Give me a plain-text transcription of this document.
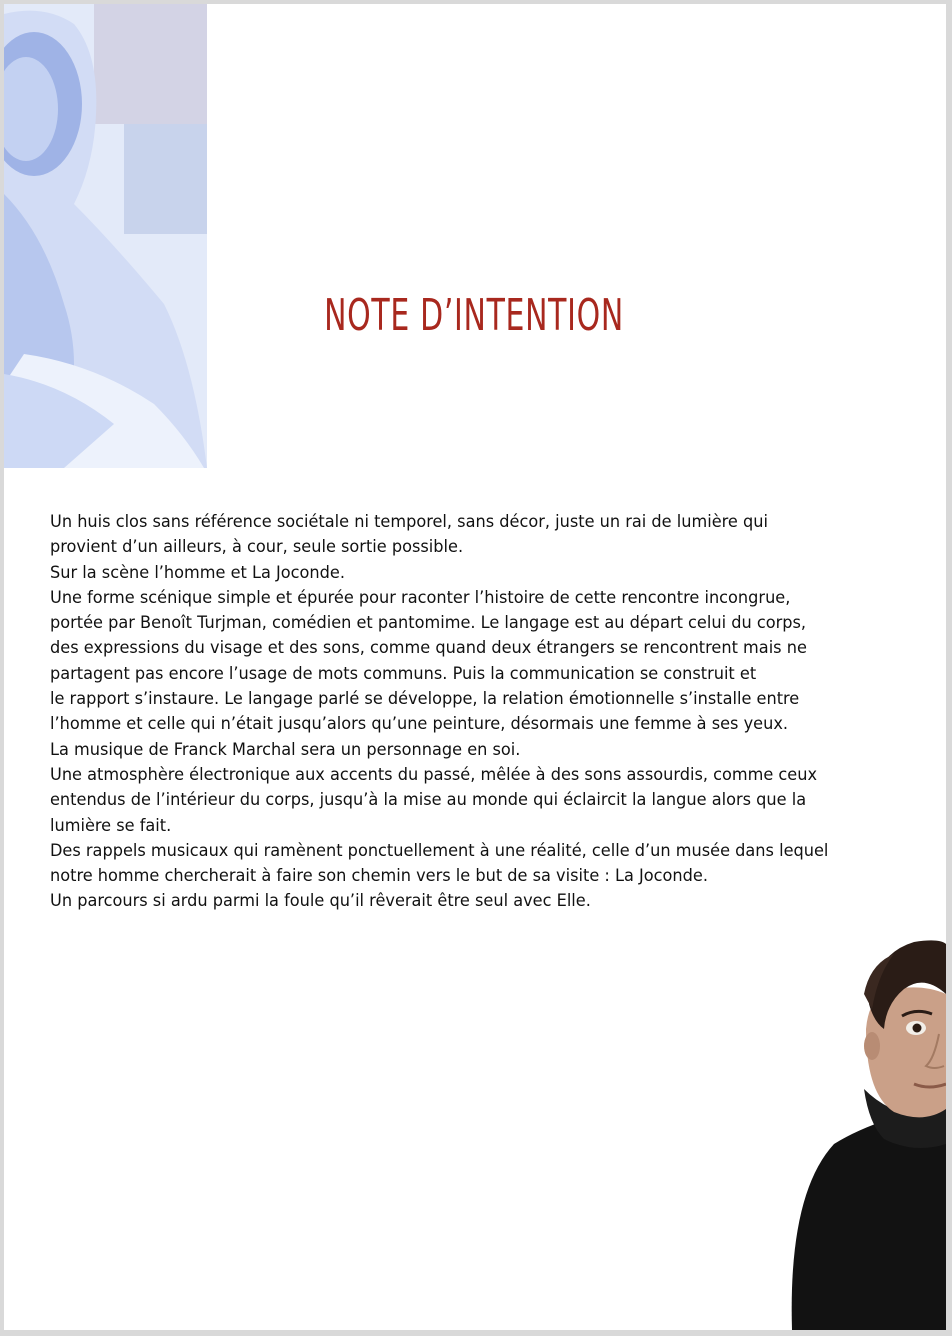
NOTE D’INTENTION

Un huis clos sans référence sociétale ni temporel, sans décor, juste un rai de lumière qui

provient d’un ailleurs, à cour, seule sortie possible.

Sur la scène l’homme et La Joconde.

Une forme scénique simple et épurée pour raconter l’histoire de cette rencontre incongrue,

portée par Benoît Turjman, comédien et pantomime. Le langage est au départ celui du corps,

des expressions du visage et des sons, comme quand deux étrangers se rencontrent mais ne

partagent pas encore l’usage de mots communs. Puis la communication se construit et

le rapport s’instaure. Le langage parlé se développe, la relation émotionnelle s’installe entre

l’homme et celle qui n’était jusqu’alors qu’une peinture, désormais une femme à ses yeux.

La musique de Franck Marchal sera un personnage en soi.

Une atmosphère électronique aux accents du passé, mêlée à des sons assourdis, comme ceux

entendus de l’intérieur du corps, jusqu’à la mise au monde qui éclaircit la langue alors que la

lumière se fait.

Des rappels musicaux qui ramènent ponctuellement à une réalité, celle d’un musée dans lequel

notre homme chercherait à faire son chemin vers le but de sa visite : La Joconde.

Un parcours si ardu parmi la foule qu’il rêverait être seul avec Elle.
